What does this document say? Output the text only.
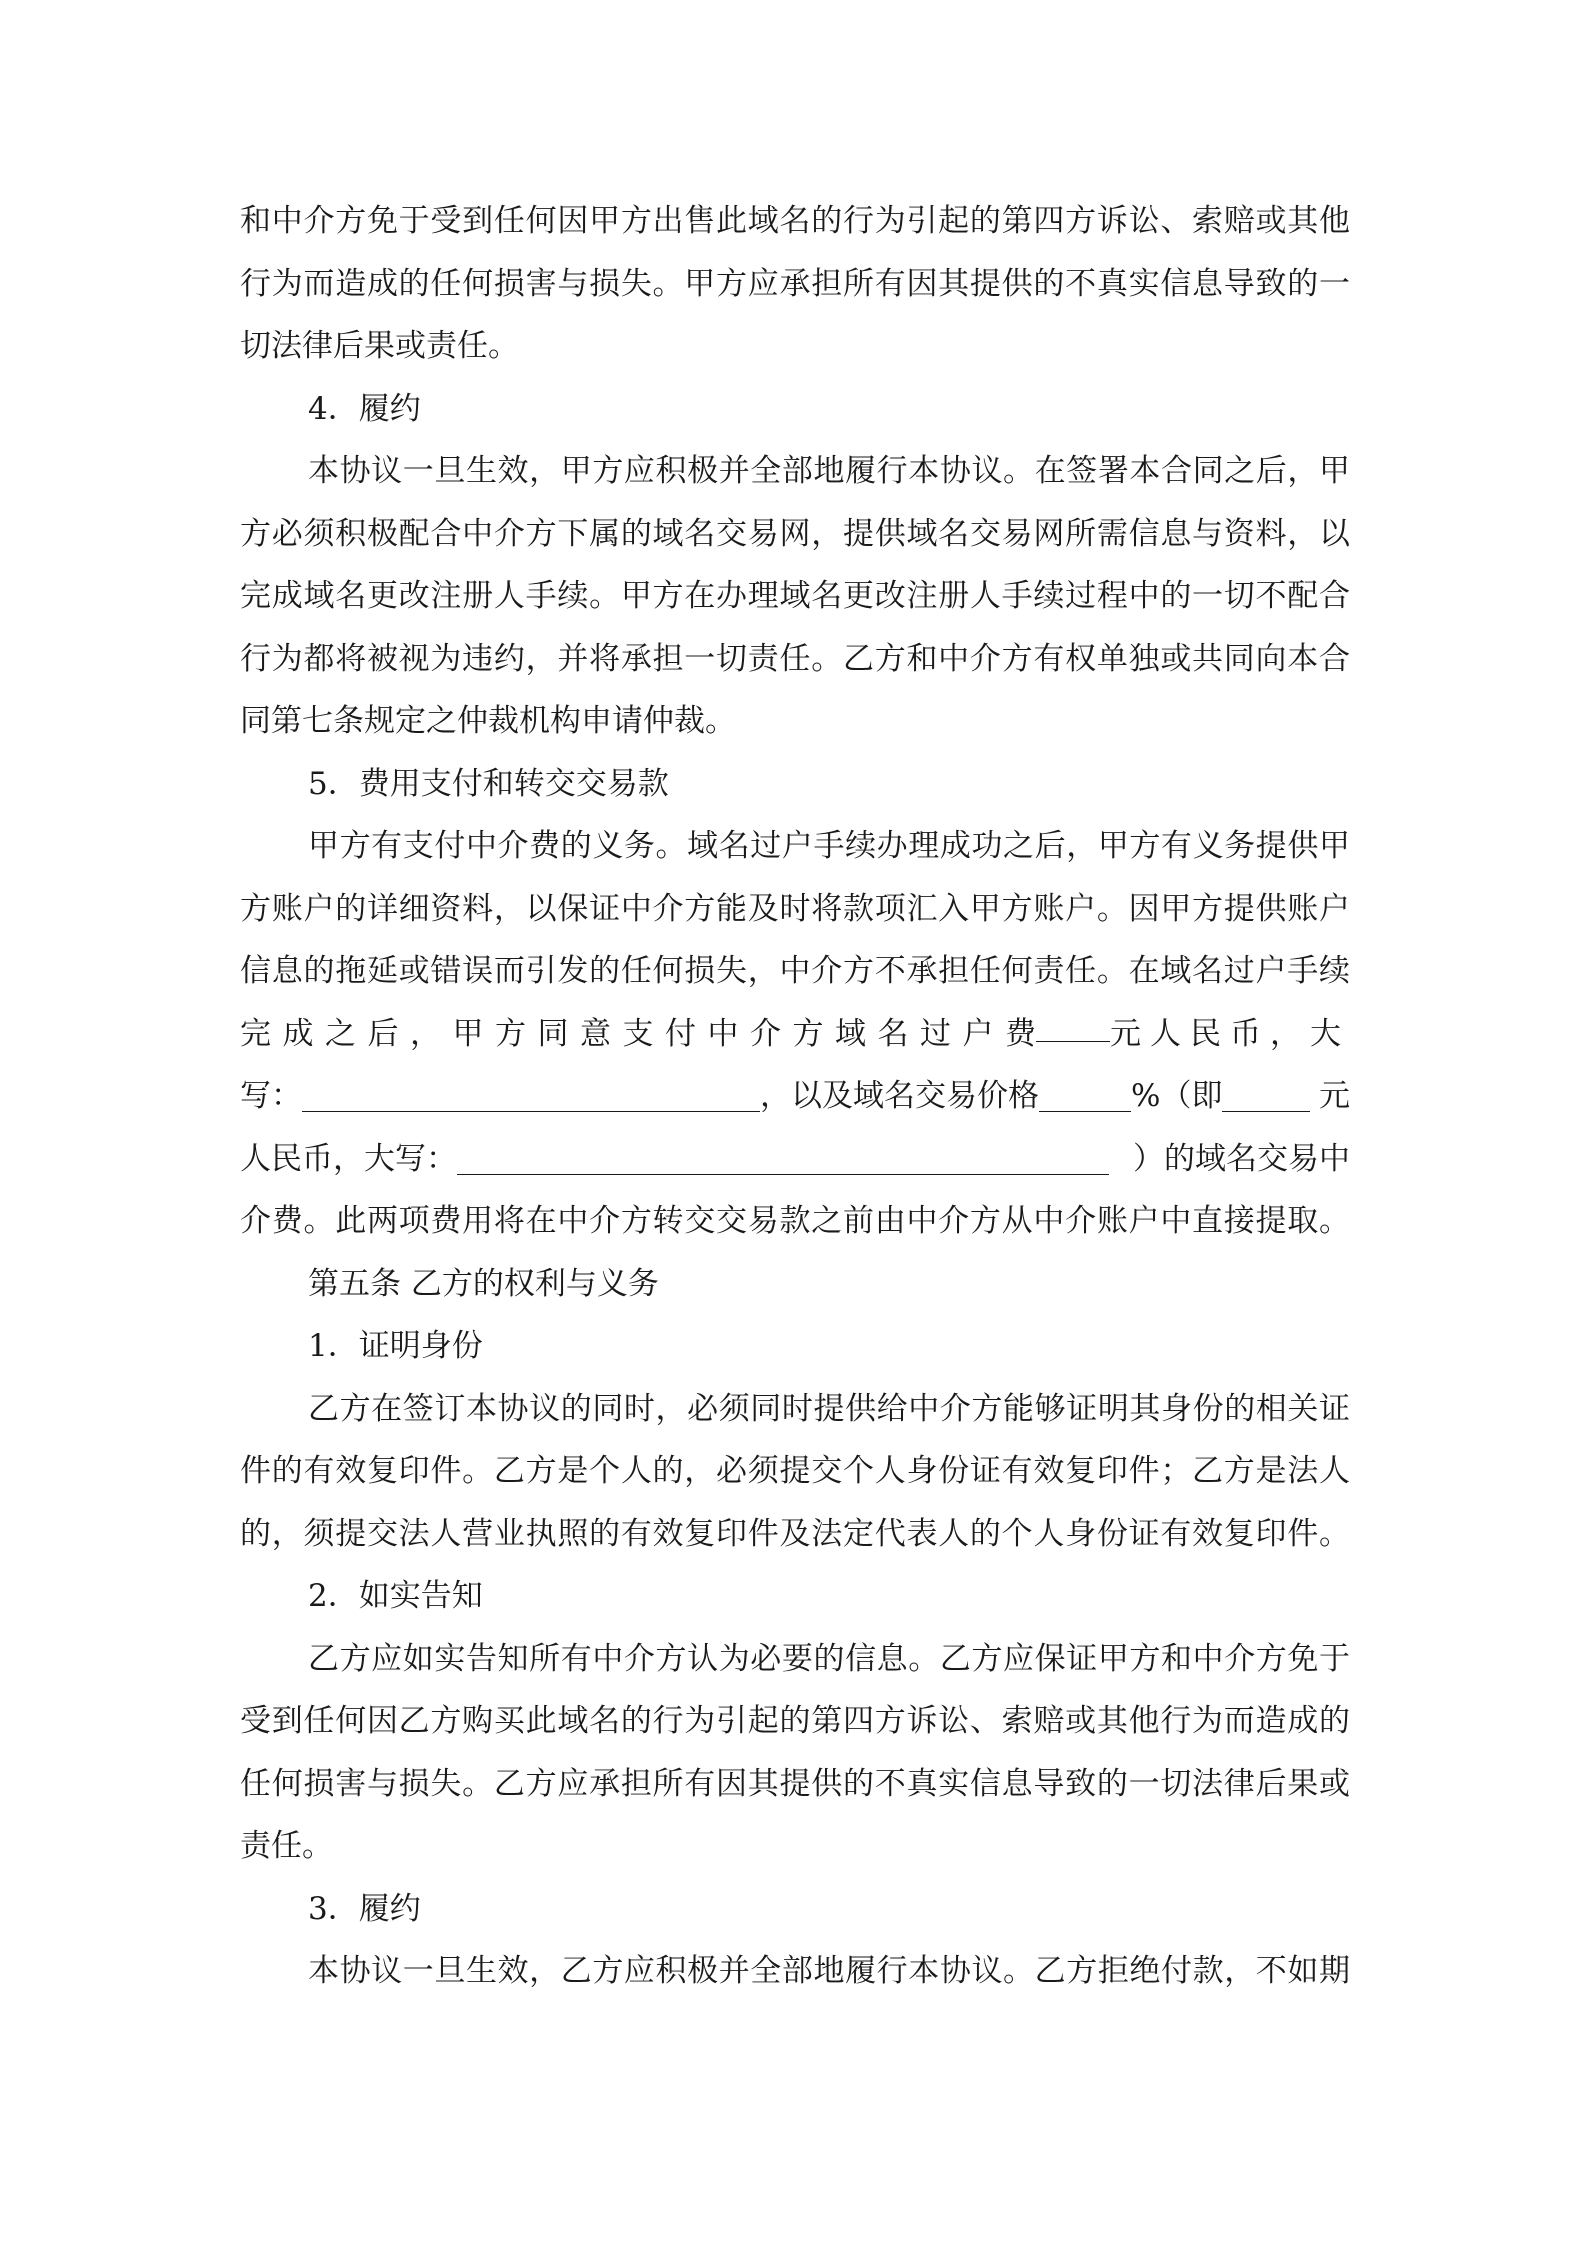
和中介方免于受到任何因甲方出售此域名的行为引起的第四方诉讼、索赔或其他
行为而造成的任何损害与损失。甲方应承担所有因其提供的不真实信息导致的一
切法律后果或责任。
4．履约
本协议一旦生效，甲方应积极并全部地履行本协议。在签署本合同之后，甲
方必须积极配合中介方下属的域名交易网，提供域名交易网所需信息与资料，以
完成域名更改注册人手续。甲方在办理域名更改注册人手续过程中的一切不配合
行为都将被视为违约，并将承担一切责任。乙方和中介方有权单独或共同向本合
同第七条规定之仲裁机构申请仲裁。
5．费用支付和转交交易款
甲方有支付中介费的义务。域名过户手续办理成功之后，甲方有义务提供甲
方账户的详细资料，以保证中介方能及时将款项汇入甲方账户。因甲方提供账户
信息的拖延或错误而引发的任何损失，中介方不承担任何责任。在域名过户手续
完成之后，甲方同意支付中介方域名过户费 元人民币，大
写：	，以及域名交易价格	%（即	元
人民币，大写：	）的域名交易中
介费。此两项费用将在中介方转交交易款之前由中介方从中介账户中直接提取。
第五条 乙方的权利与义务
1．证明身份
乙方在签订本协议的同时，必须同时提供给中介方能够证明其身份的相关证
件的有效复印件。乙方是个人的，必须提交个人身份证有效复印件；乙方是法人
的，须提交法人营业执照的有效复印件及法定代表人的个人身份证有效复印件。
2．如实告知
乙方应如实告知所有中介方认为必要的信息。乙方应保证甲方和中介方免于
受到任何因乙方购买此域名的行为引起的第四方诉讼、索赔或其他行为而造成的
任何损害与损失。乙方应承担所有因其提供的不真实信息导致的一切法律后果或
责任。
3．履约
本协议一旦生效，乙方应积极并全部地履行本协议。乙方拒绝付款，不如期
